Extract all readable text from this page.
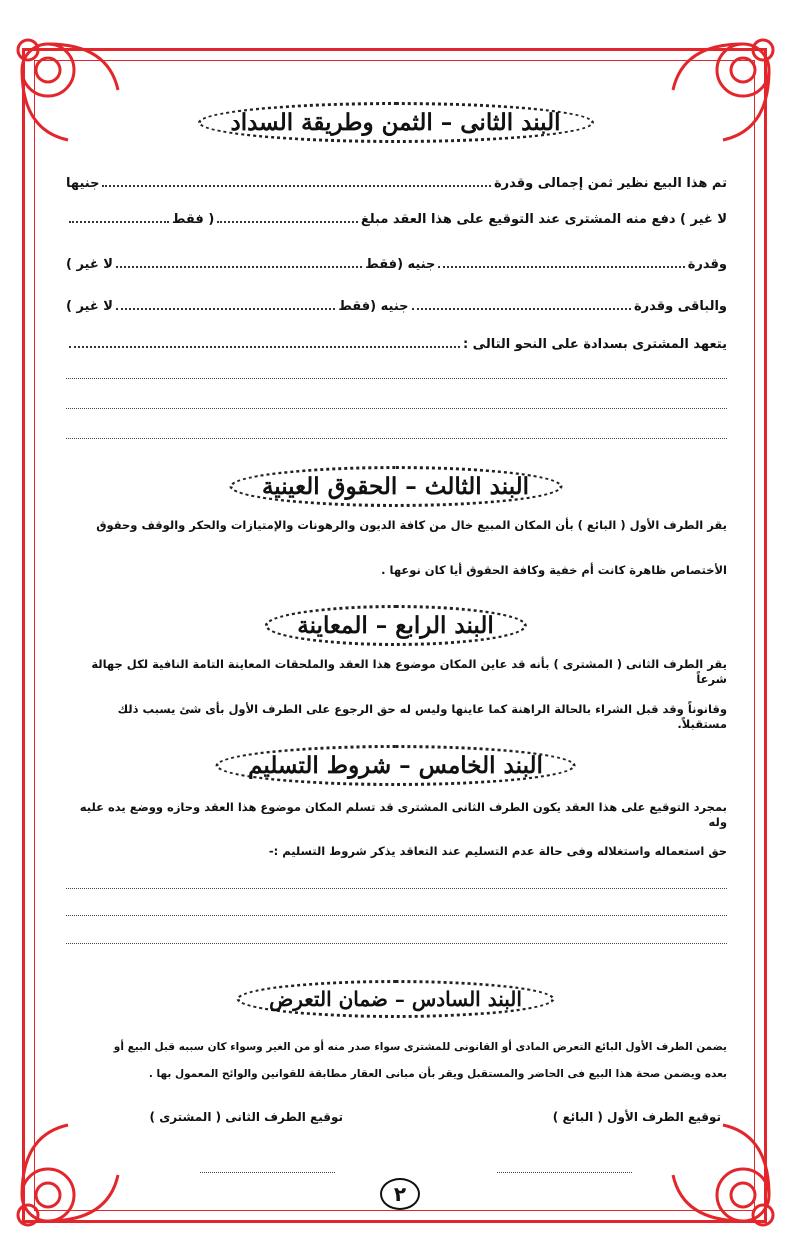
البند الثانى – الثمن وطريقة السداد
تم هذا البيع نظير ثمن إجمالى وقدرة
جنيها
لا غير ) دفع منه المشترى عند التوقيع على هذا العقد مبلغ
( فقط
وقدرة
جنيه (فقط
لا غير )
والباقى وقدرة
جنيه (فقط
لا غير )
يتعهد المشترى بسدادة على النحو التالى :
البند الثالث – الحقوق العينية
يقر الطرف الأول ( البائع ) بأن المكان المبيع خال من كافة الديون والرهونات والإمتيازات والحكر والوقف وحقوق
الأختصاص ظاهرة كانت أم خفية وكافة الحقوق أيا كان نوعها .
البند الرابع – المعاينة
يقر الطرف الثانى ( المشترى ) بأنه قد عاين المكان موضوع هذا العقد والملحقات المعاينة التامة النافية لكل جهالة شرعاً
وقانوناً وقد قبل الشراء بالحالة الراهنة كما عاينها وليس له حق الرجوع على الطرف الأول بأى شئ يسبب ذلك مستقبلاً.
البند الخامس – شروط التسليم
بمجرد التوقيع على هذا العقد يكون الطرف الثانى المشترى قد تسلم المكان موضوع هذا العقد وحازه ووضع يده عليه وله
حق استعماله واستغلاله وفى حالة عدم التسليم عند التعاقد يذكر شروط التسليم :-
البند السادس – ضمان التعرض
يضمن الطرف الأول البائع التعرض المادى أو القانونى للمشترى سواء صدر منه أو من الغير وسواء كان سببه قبل البيع أو
بعده ويضمن صحة هذا البيع فى الحاضر والمستقبل ويقر بأن مبانى العقار مطابقة للقوانين والوائح المعمول بها .
توقيع الطرف الأول ( البائع )
توقيع الطرف الثانى ( المشترى )
٢
